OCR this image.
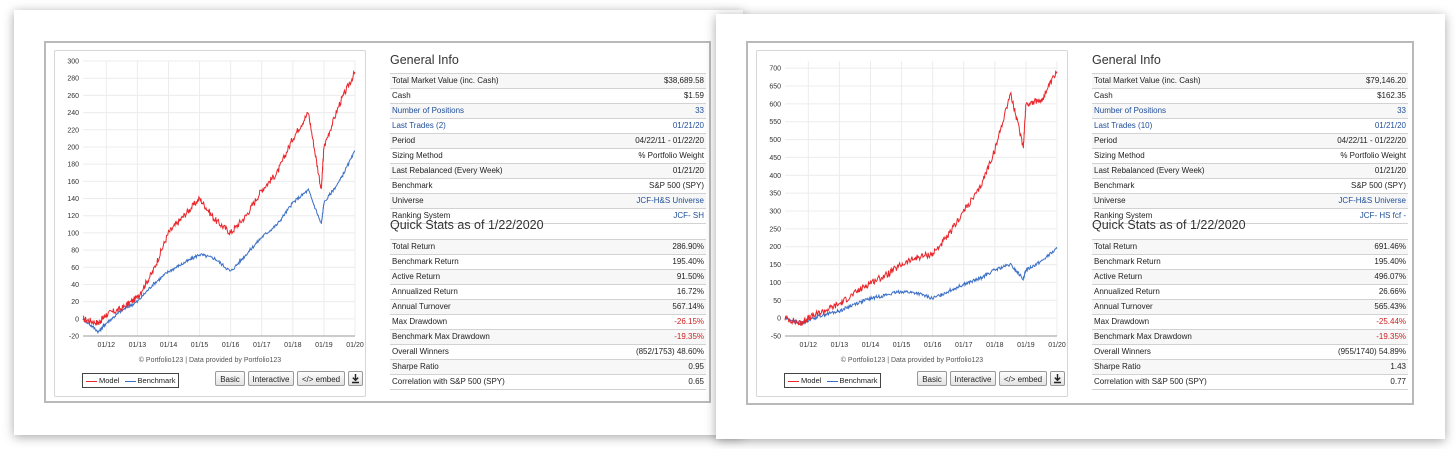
300
280
260
240
220
200
180
160
140
120
100
80
60
40
20
0
-20
01/12 01/13 01/14 01/15 01/16 01/17 01/18 01/19 01/20
© Portfolio123 | Data provided by Portfolio123
Model Benchmark	Basic	Interactive	</> embed
General Info
Total Market Value (inc. Cash)	$38,689.58
Cash	$1.59
Number of Positions	33
Last Trades (2)	01/21/20
Period	04/22/11 - 01/22/20
Sizing Method	% Portfolio Weight
Last Rebalanced (Every Week)	01/21/20
Benchmark	S&P 500 (SPY)
Universe	JCF-H&S Universe
Ranking System	JCF- SH
Quick Stats as of 1/22/2020
Total Return	286.90%
Benchmark Return	195.40%
Active Return	91.50%
Annualized Return	16.72%
Annual Turnover	567.14%
Max Drawdown	-26.15%
Benchmark Max Drawdown	-19.35%
Overall Winners	(852/1753) 48.60%
Sharpe Ratio	0.95
Correlation with S&P 500 (SPY)	0.65
700
650
600
550
500
450
400
350
300
250
200
150
100
50
0
-50
01/12 01/13 01/14 01/15 01/16 01/17 01/18 01/19 01/20
© Portfolio123 | Data provided by Portfolio123
Model Benchmark	Basic	Interactive	</> embed
General Info
Total Market Value (inc. Cash)	$79,146.20
Cash	$162.35
Number of Positions	33
Last Trades (10)	01/21/20
Period	04/22/11 - 01/22/20
Sizing Method	% Portfolio Weight
Last Rebalanced (Every Week)	01/21/20
Benchmark	S&P 500 (SPY)
Universe	JCF-H&S Universe
Ranking System	JCF- HS fcf -
Quick Stats as of 1/22/2020
Total Return	691.46%
Benchmark Return	195.40%
Active Return	496.07%
Annualized Return	26.66%
Annual Turnover	565.43%
Max Drawdown	-25.44%
Benchmark Max Drawdown	-19.35%
Overall Winners	(955/1740) 54.89%
Sharpe Ratio	1.43
Correlation with S&P 500 (SPY)	0.77
